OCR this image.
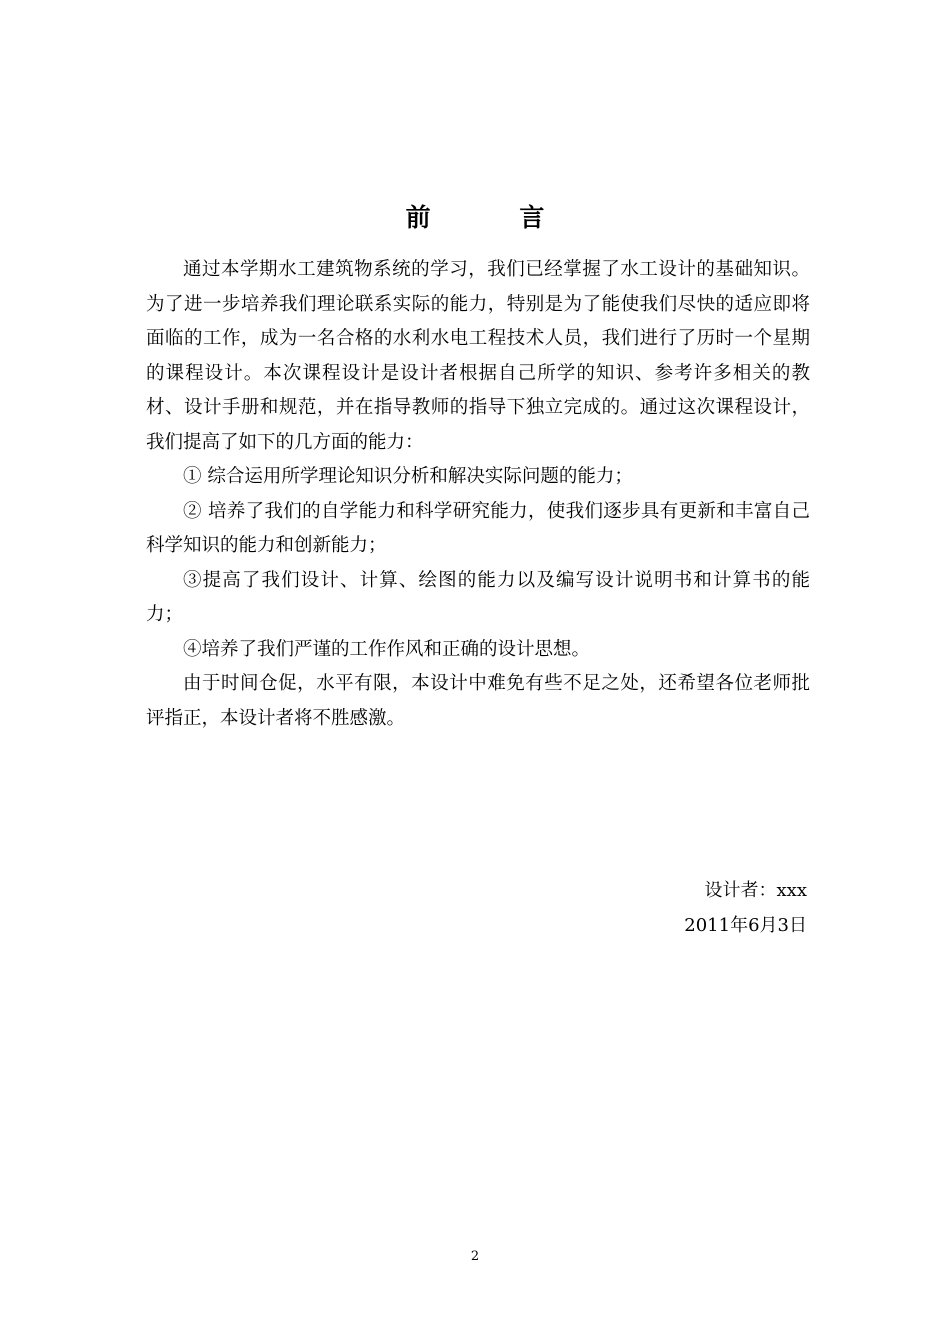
前 言

通过本学期水工建筑物系统的学习，我们已经掌握了水工设计的基础知识。为了进一步培养我们理论联系实际的能力，特别是为了能使我们尽快的适应即将面临的工作，成为一名合格的水利水电工程技术人员，我们进行了历时一个星期的课程设计。本次课程设计是设计者根据自己所学的知识、参考许多相关的教材、设计手册和规范，并在指导教师的指导下独立完成的。通过这次课程设计，我们提高了如下的几方面的能力：

① 综合运用所学理论知识分析和解决实际问题的能力；

② 培养了我们的自学能力和科学研究能力，使我们逐步具有更新和丰富自己科学知识的能力和创新能力；

③提高了我们设计、计算、绘图的能力以及编写设计说明书和计算书的能力；

④培养了我们严谨的工作作风和正确的设计思想。

由于时间仓促，水平有限，本设计中难免有些不足之处，还希望各位老师批评指正，本设计者将不胜感激。

设计者：xxx
2011年6月3日
2
